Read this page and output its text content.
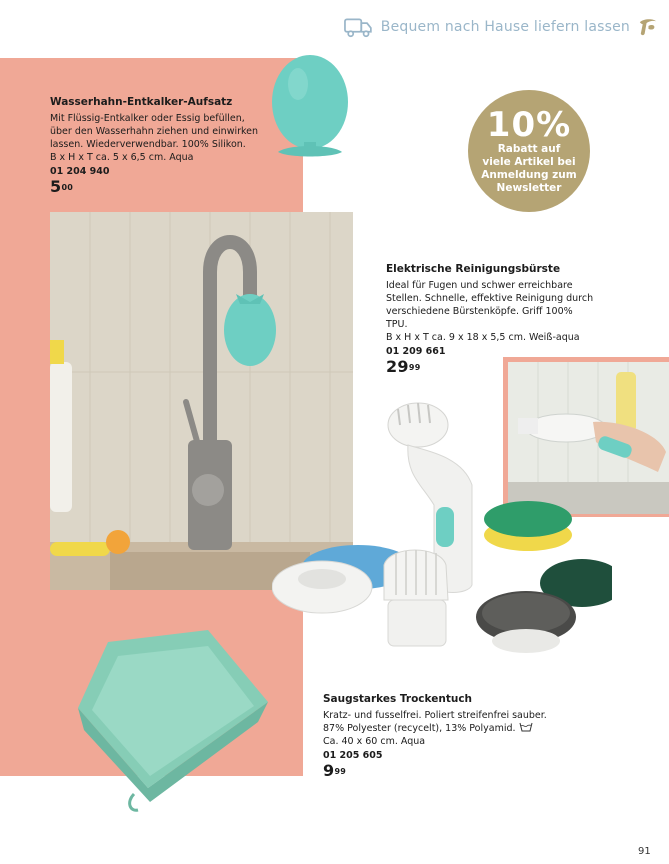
Bequem nach Hause liefern lassen
Wasserhahn-Entkalker-Aufsatz
Mit Flüssig-Entkalker oder Essig befüllen, über den Wasserhahn ziehen und einwirken lassen. Wiederverwendbar. 100% Silikon.
B x H x T ca. 5 x 6,5 cm. Aqua
01 204 940
$5^{00}$
10%
Rabatt auf
viele Artikel bei
Anmeldung zum
Newsletter
Elektrische Reinigungsbürste
Ideal für Fugen und schwer erreichbare Stellen. Schnelle, effektive Reinigung durch verschiedene Bürstenköpfe. Griff 100% TPU.
B x H x T ca. 9 x 18 x 5,5 cm. Weiß-aqua
01 209 661
$29^{99}$
Saugstarkes Trockentuch
Kratz- und fusselfrei. Poliert streifenfrei sauber. 87% Polyester (recycelt), 13% Polyamid.
Ca. 40 x 60 cm. Aqua
01 205 605
$9^{99}$
91
